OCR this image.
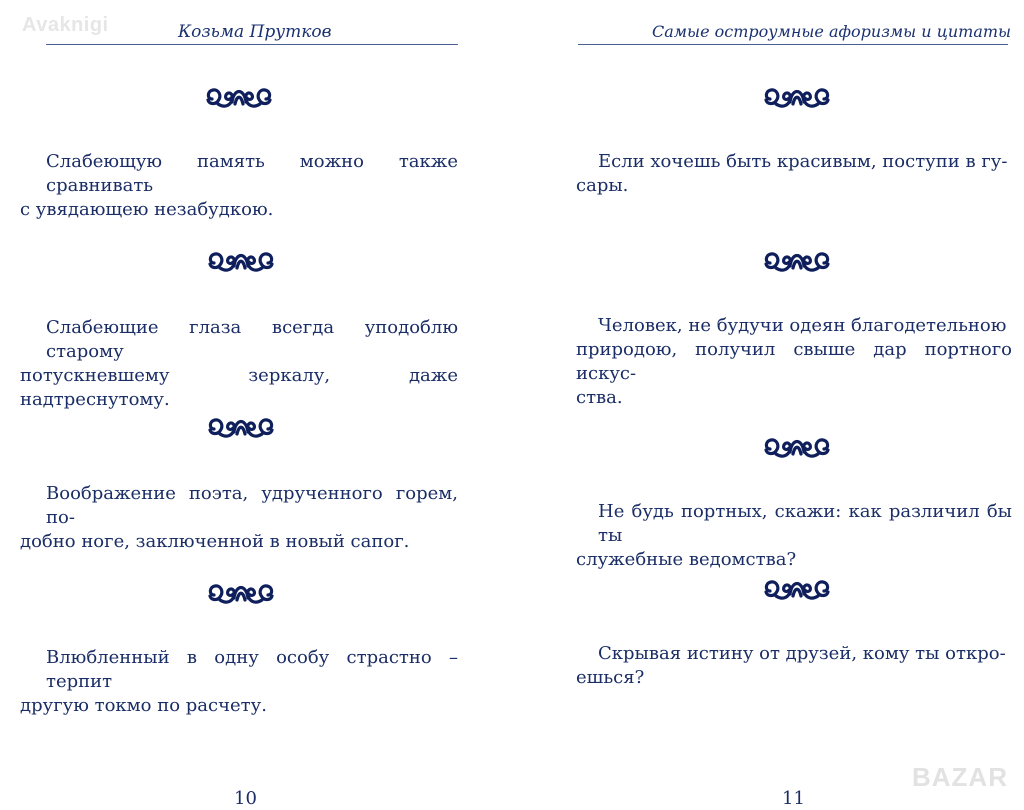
Avaknigi	Козьма Прутков
Слабеющую память можно также сравнивать
с увядающею незабудкою.
Слабеющие глаза всегда уподоблю старому
потускневшему зеркалу, даже надтреснутому.
Воображение поэта, удрученного горем, по-
добно ноге, заключенной в новый сапог.
Влюбленный в одну особу страстно – терпит
другую токмо по расчету.
10
Самые остроумные афоризмы и цитаты
Если хочешь быть красивым, поступи в гу-
сары.
Человек, не будучи одеян благодетельною
природою, получил свыше дар портного искус-
ства.
Не будь портных, скажи: как различил бы ты
служебные ведомства?
Скрывая истину от друзей, кому ты откро-
ешься?
11
BAZAR
